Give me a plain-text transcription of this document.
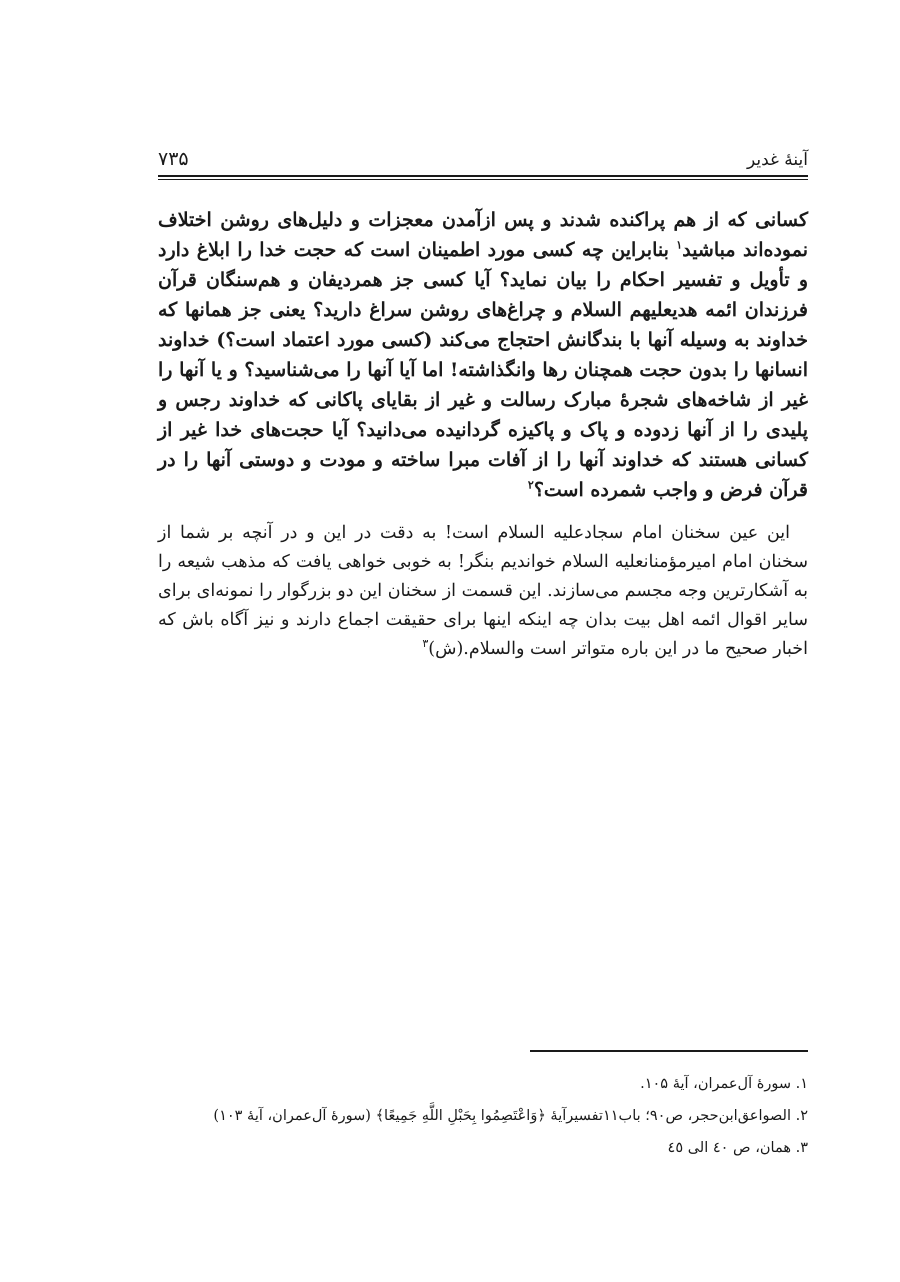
آینهٔ غدیر
۷۳۵

کسانی که از هم پراکنده شدند و پس ازآمدن معجزات و دلیل‌های روشن اختلاف نموده‌اند مباشید$^۱$ بنابراین چه کسی مورد اطمینان است که حجت خدا را ابلاغ دارد و تأویل و تفسیر احکام را بیان نماید؟ آیا کسی جز همردیفان و هم‌سنگان قرآن فرزندان ائمه هدیعليهم السلام و چراغ‌های روشن سراغ دارید؟ یعنی جز همانها که خداوند به وسیله آنها با بندگانش احتجاج می‌کند (کسی مورد اعتماد است؟) خداوند انسانها را بدون حجت همچنان رها وانگذاشته! اما آیا آنها را می‌شناسید؟ و یا آنها را غیر از شاخه‌های شجرهٔ مبارک رسالت و غیر از بقایای پاکانی که خداوند رجس و پلیدی را از آنها زدوده و پاک و پاکیزه گردانیده می‌دانید؟ آیا حجت‌های خدا غیر از کسانی هستند که خداوند آنها را از آفات مبرا ساخته و مودت و دوستی آنها را در قرآن فرض و واجب شمرده است؟$^۲$

این عین سخنان امام سجادعليه السلام است! به دقت در این و در آنچه بر شما از سخنان امام امیرمؤمنانعليه السلام خواندیم بنگر! به خوبی خواهی یافت که مذهب شیعه را به آشکارترین وجه مجسم می‌سازند. این قسمت از سخنان این دو بزرگوار را نمونه‌ای برای سایر اقوال ائمه اهل بیت بدان چه اینکه اینها برای حقیقت اجماع دارند و نیز آگاه باش که اخبار صحیح ما در این باره متواتر است والسلام.(ش)$^۳$

۱. سورهٔ آل‌عمران، آیهٔ ۱۰۵.

۲. الصواعق‌ابن‌حجر، ص۹۰؛ باب۱۱تفسیرآیهٔ ﴿وَاعْتَصِمُوا بِحَبْلِ اللَّهِ جَمِيعًا﴾ (سورهٔ آل‌عمران، آیهٔ ۱۰۳)

۳. همان، ص ٤٠ الی ٤٥
